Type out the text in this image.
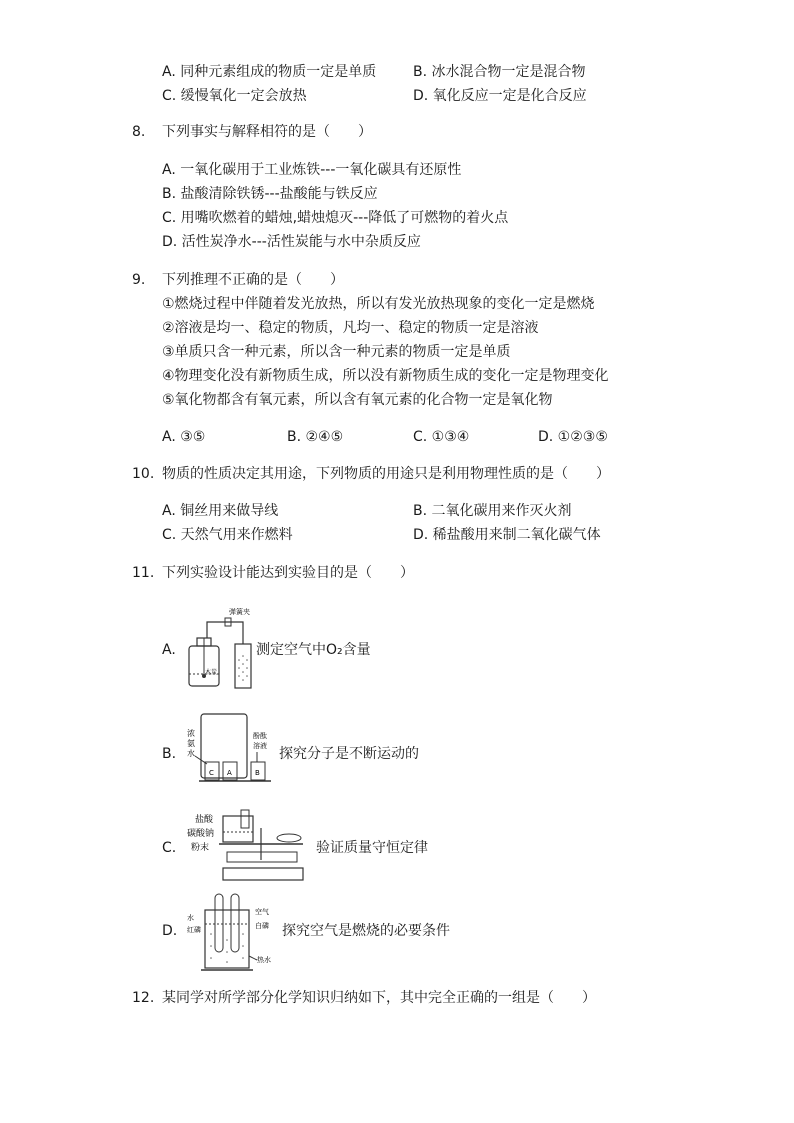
A. 同种元素组成的物质一定是单质	B. 冰水混合物一定是混合物
C. 缓慢氧化一定会放热	D. 氧化反应一定是化合反应
8. 下列事实与解释相符的是（　　）
A. 一氧化碳用于工业炼铁---一氧化碳具有还原性
B. 盐酸清除铁锈---盐酸能与铁反应
C. 用嘴吹燃着的蜡烛,蜡烛熄灭---降低了可燃物的着火点
D. 活性炭净水---活性炭能与水中杂质反应
9. 下列推理不正确的是（　　）
①燃烧过程中伴随着发光放热，所以有发光放热现象的变化一定是燃烧
②溶液是均一、稳定的物质，凡均一、稳定的物质一定是溶液
③单质只含一种元素，所以含一种元素的物质一定是单质
④物理变化没有新物质生成，所以没有新物质生成的变化一定是物理变化
⑤氧化物都含有氧元素，所以含有氧元素的化合物一定是氧化物
A. ③⑤	B. ②④⑤	C. ①③④	D. ①②③⑤
10. 物质的性质决定其用途，下列物质的用途只是利用物理性质的是（　　）
A. 铜丝用来做导线	B. 二氧化碳用来作灭火剂
C. 天然气用来作燃料	D. 稀盐酸用来制二氧化碳气体
11. 下列实验设计能达到实验目的是（　　）
A.
弹簧夹
木炭
测定空气中O₂含量
B.
浓
氨
水
酚酞
溶液
C A	B
探究分子是不断运动的
C.
盐酸
碳酸钠
粉末	验证质量守恒定律
D.
水
红磷
空气
白磷
热水
探究空气是燃烧的必要条件
12. 某同学对所学部分化学知识归纳如下，其中完全正确的一组是（　　）
